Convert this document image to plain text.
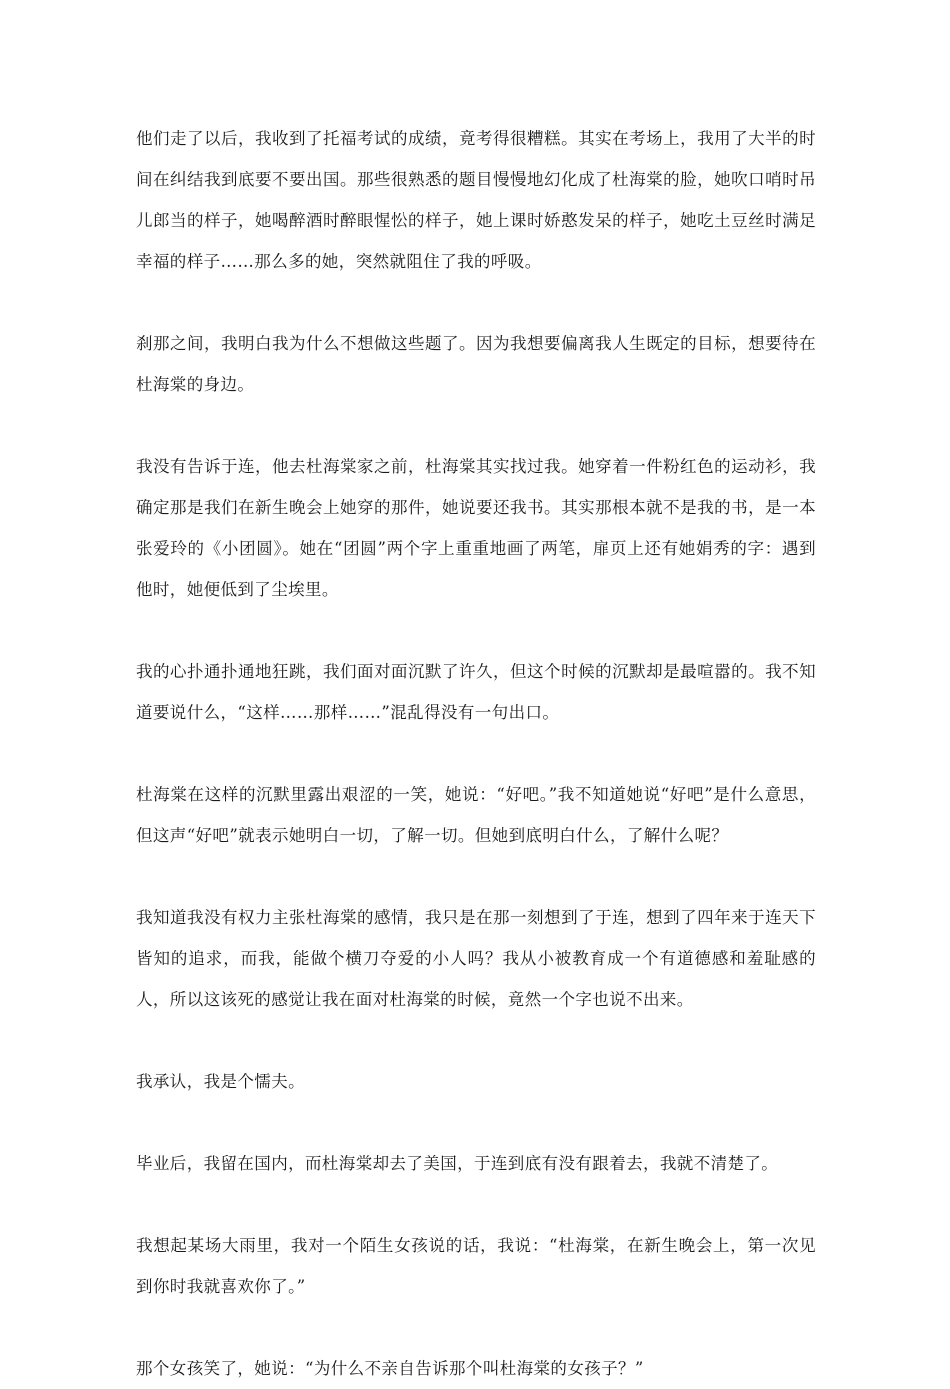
他们走了以后，我收到了托福考试的成绩，竟考得很糟糕。其实在考场上，我用了大半的时间在纠结我到底要不要出国。那些很熟悉的题目慢慢地幻化成了杜海棠的脸，她吹口哨时吊儿郎当的样子，她喝醉酒时醉眼惺忪的样子，她上课时娇憨发呆的样子，她吃土豆丝时满足幸福的样子……那么多的她，突然就阻住了我的呼吸。

刹那之间，我明白我为什么不想做这些题了。因为我想要偏离我人生既定的目标，想要待在杜海棠的身边。

我没有告诉于连，他去杜海棠家之前，杜海棠其实找过我。她穿着一件粉红色的运动衫，我确定那是我们在新生晚会上她穿的那件，她说要还我书。其实那根本就不是我的书，是一本张爱玲的《小团圆》。她在“团圆”两个字上重重地画了两笔，扉页上还有她娟秀的字：遇到他时，她便低到了尘埃里。

我的心扑通扑通地狂跳，我们面对面沉默了许久，但这个时候的沉默却是最喧嚣的。我不知道要说什么，“这样……那样……”混乱得没有一句出口。

杜海棠在这样的沉默里露出艰涩的一笑，她说：“好吧。”我不知道她说“好吧”是什么意思，但这声“好吧”就表示她明白一切，了解一切。但她到底明白什么，了解什么呢？

我知道我没有权力主张杜海棠的感情，我只是在那一刻想到了于连，想到了四年来于连天下皆知的追求，而我，能做个横刀夺爱的小人吗？我从小被教育成一个有道德感和羞耻感的人，所以这该死的感觉让我在面对杜海棠的时候，竟然一个字也说不出来。

我承认，我是个懦夫。

毕业后，我留在国内，而杜海棠却去了美国，于连到底有没有跟着去，我就不清楚了。

我想起某场大雨里，我对一个陌生女孩说的话，我说：“杜海棠，在新生晚会上，第一次见到你时我就喜欢你了。”

那个女孩笑了，她说：“为什么不亲自告诉那个叫杜海棠的女孩子？”
